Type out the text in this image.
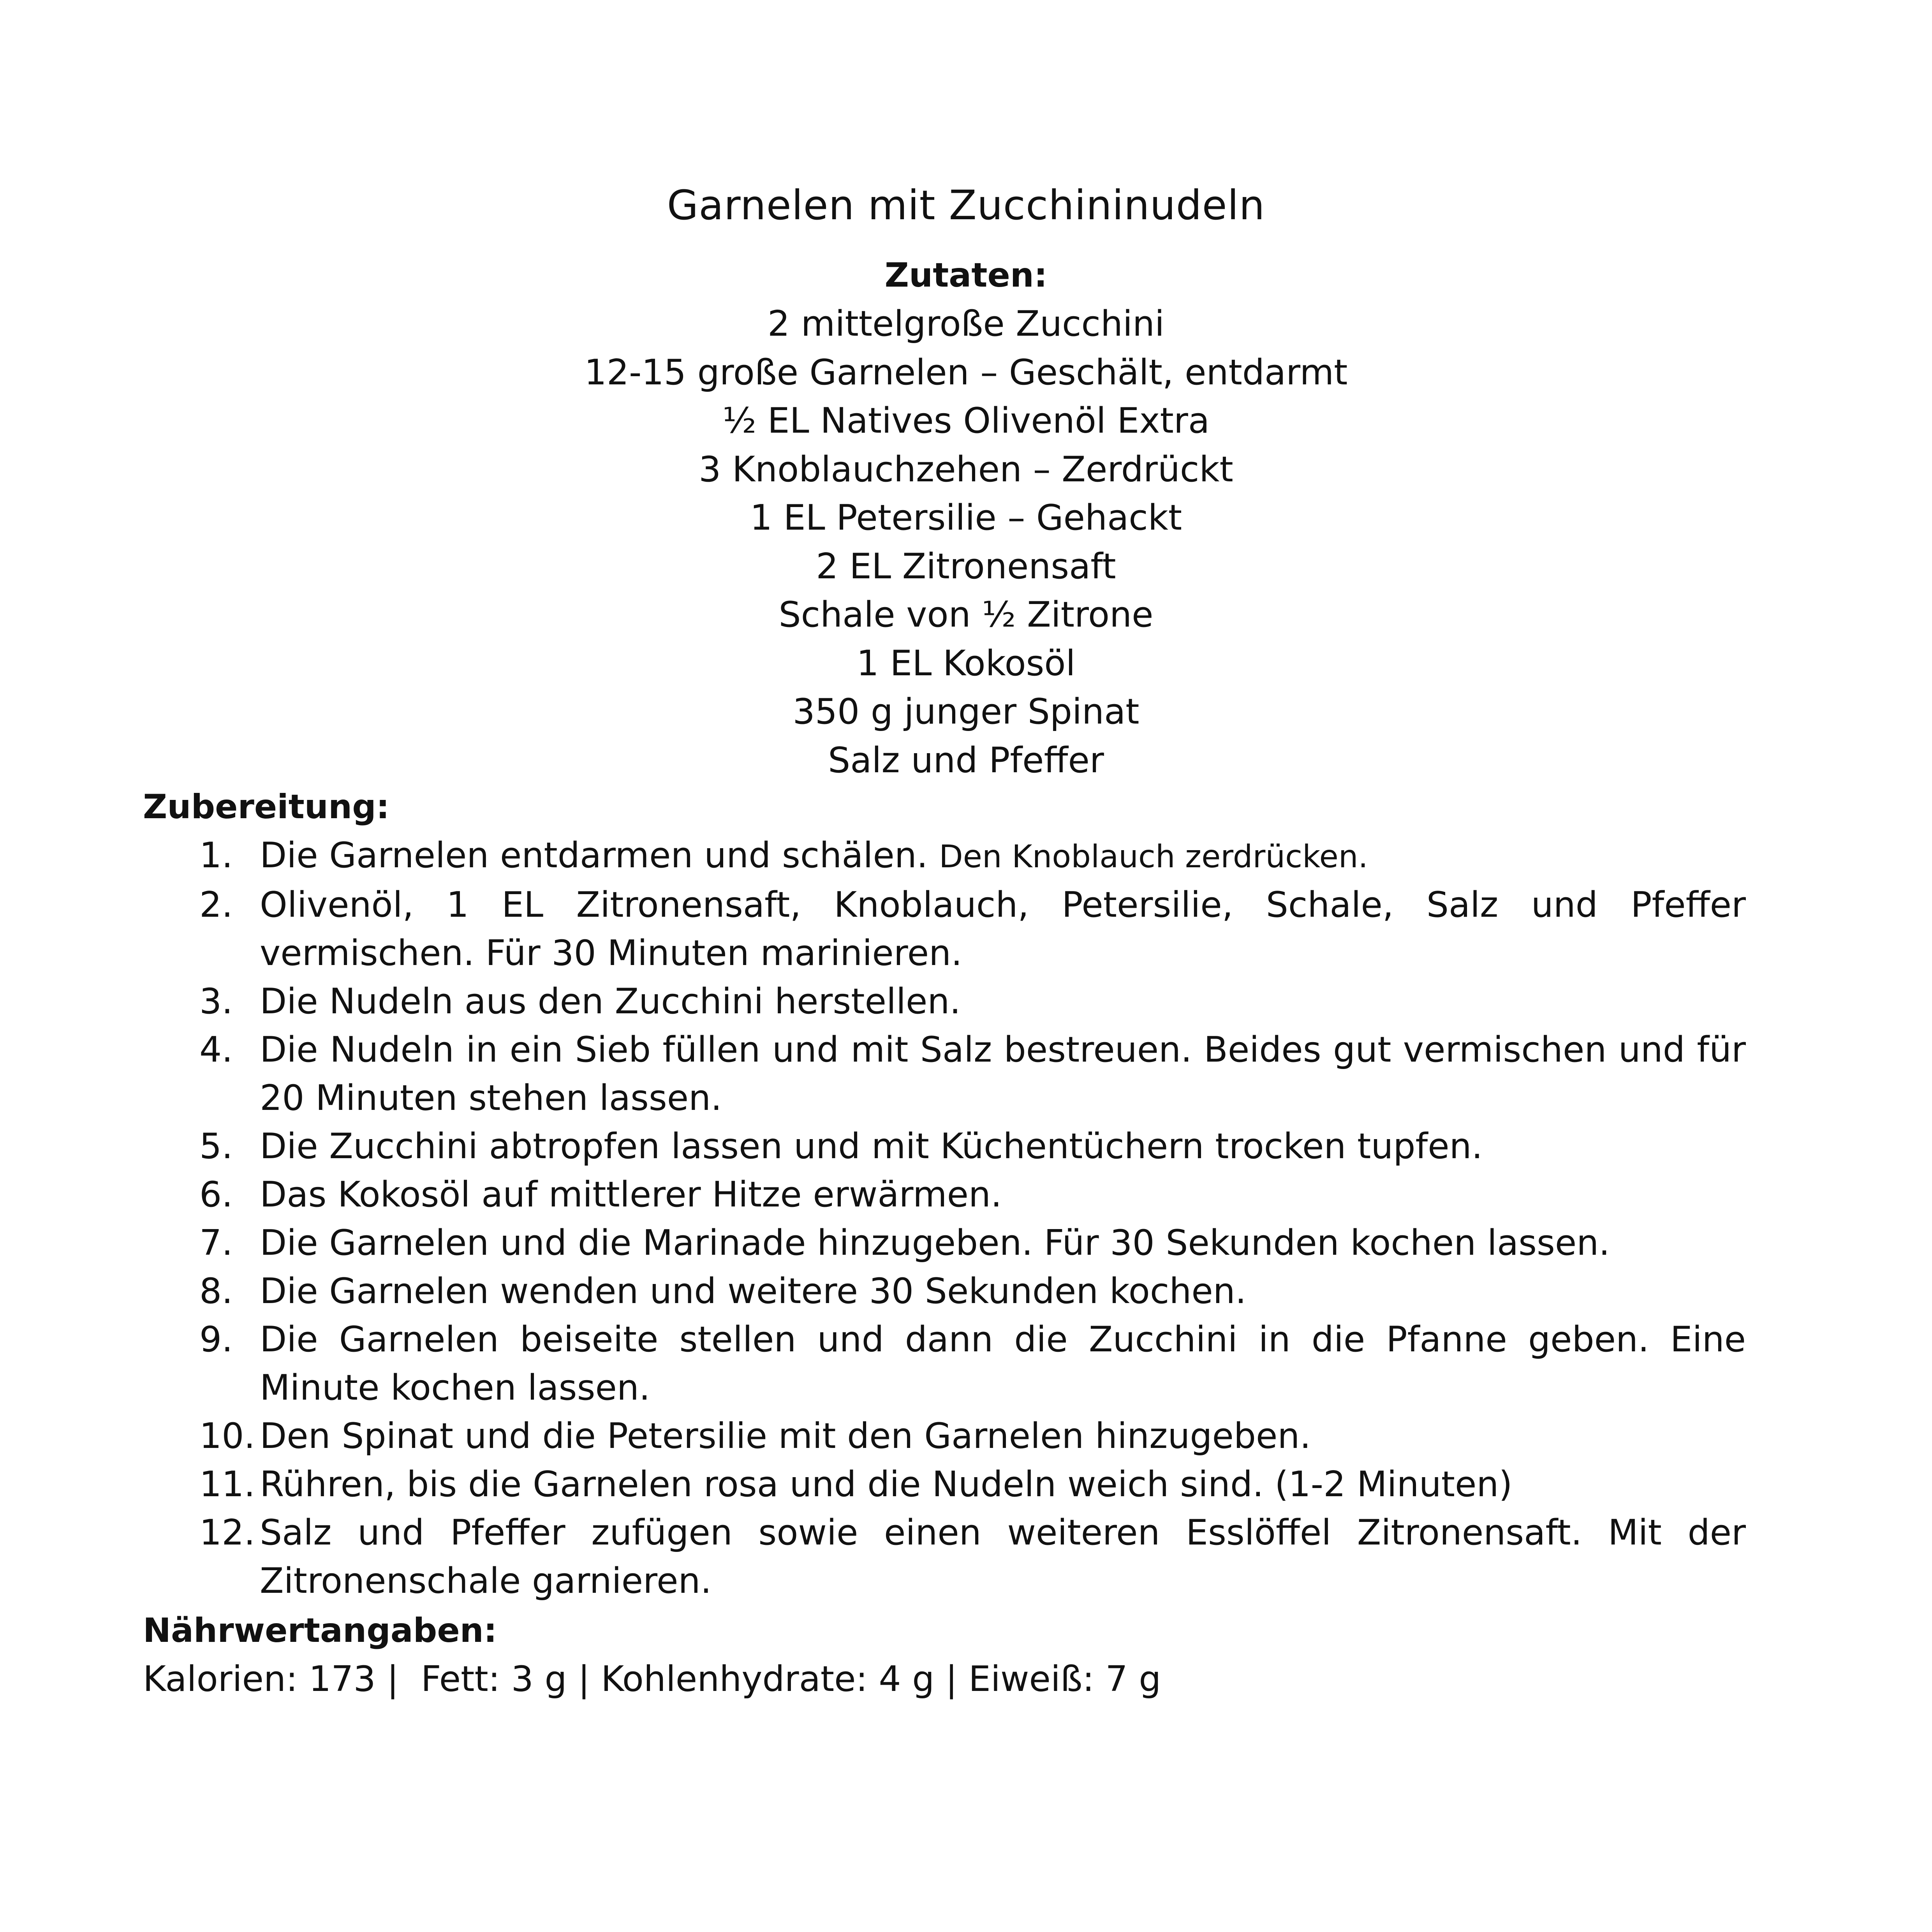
Garnelen mit Zucchininudeln

Zutaten:

2 mittelgroße Zucchini
12-15 große Garnelen – Geschält, entdarmt
½ EL Natives Olivenöl Extra
3 Knoblauchzehen – Zerdrückt
1 EL Petersilie – Gehackt
2 EL Zitronensaft
Schale von ½ Zitrone
1 EL Kokosöl
350 g junger Spinat
Salz und Pfeffer

Zubereitung:

1. Die Garnelen entdarmen und schälen. Den Knoblauch zerdrücken.
2. Olivenöl, 1 EL Zitronensaft, Knoblauch, Petersilie, Schale, Salz und Pfeffer vermischen. Für 30 Minuten marinieren.
3. Die Nudeln aus den Zucchini herstellen.
4. Die Nudeln in ein Sieb füllen und mit Salz bestreuen. Beides gut vermischen und für 20 Minuten stehen lassen.
5. Die Zucchini abtropfen lassen und mit Küchentüchern trocken tupfen.
6. Das Kokosöl auf mittlerer Hitze erwärmen.
7. Die Garnelen und die Marinade hinzugeben. Für 30 Sekunden kochen lassen.
8. Die Garnelen wenden und weitere 30 Sekunden kochen.
9. Die Garnelen beiseite stellen und dann die Zucchini in die Pfanne geben. Eine Minute kochen lassen.
10. Den Spinat und die Petersilie mit den Garnelen hinzugeben.
11. Rühren, bis die Garnelen rosa und die Nudeln weich sind. (1-2 Minuten)
12. Salz und Pfeffer zufügen sowie einen weiteren Esslöffel Zitronensaft. Mit der Zitronenschale garnieren.

Nährwertangaben:

Kalorien: 173 |  Fett: 3 g | Kohlenhydrate: 4 g | Eiweiß: 7 g
